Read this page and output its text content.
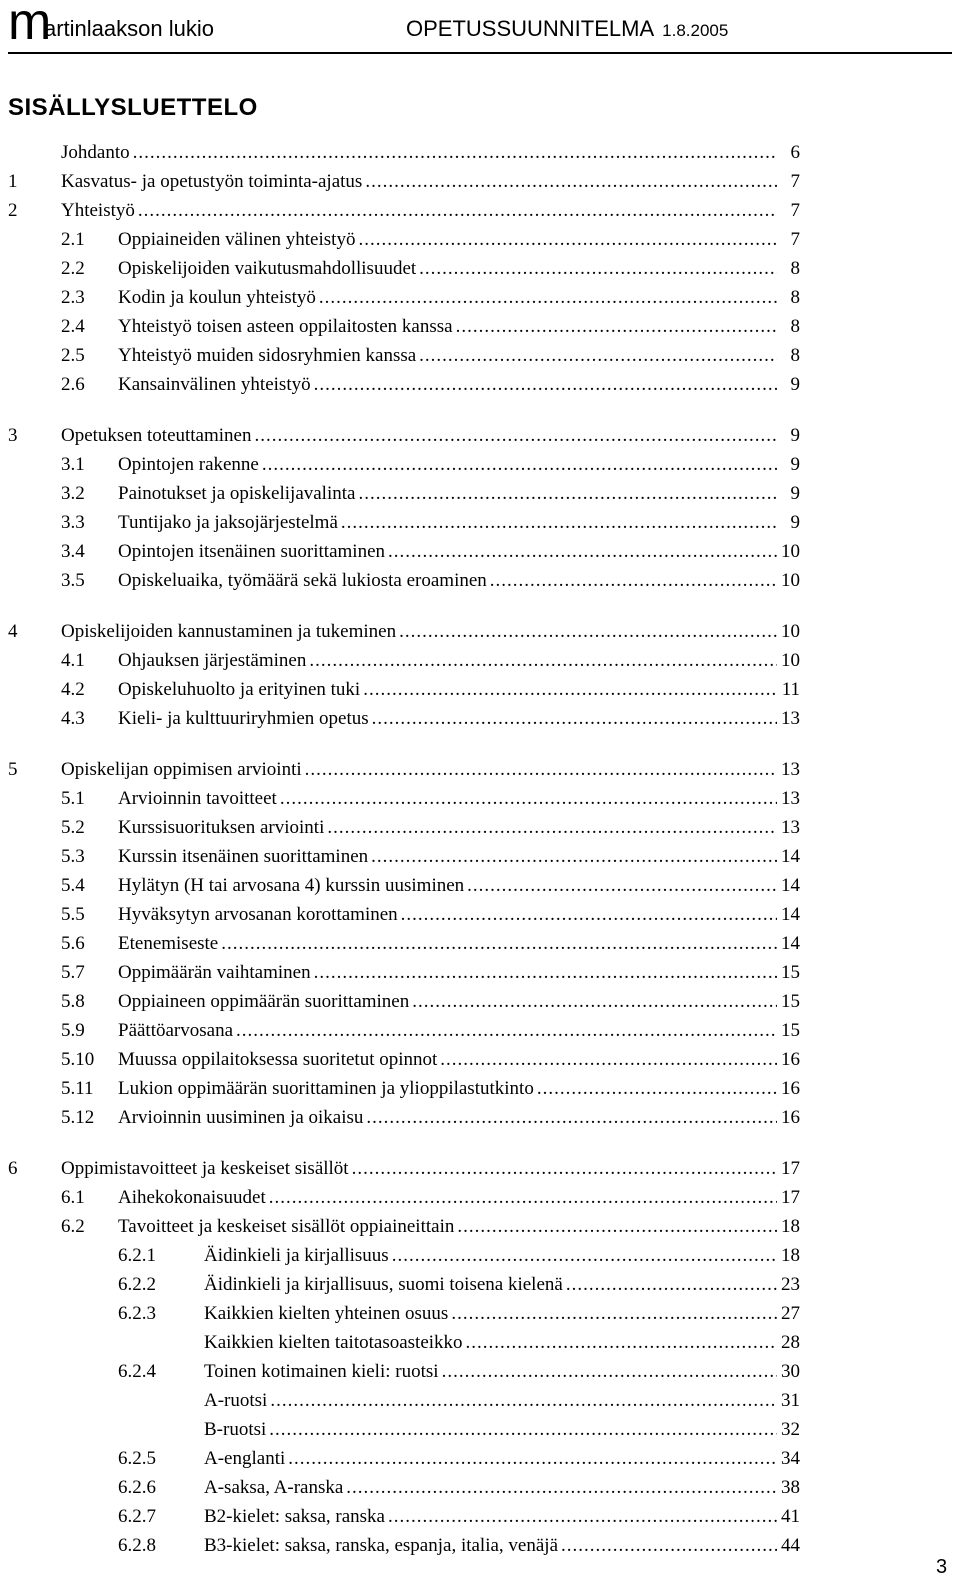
m
artinlaakson lukio	OPETUSSUUNNITELMA 1.8.2005
SISÄLLYSLUETTELO
Johdanto .....	6
1 Kasvatus- ja opetustyön toiminta-ajatus .....	7
2 Yhteistyö .....	7
2.1 Oppiaineiden välinen yhteistyö .....	7
2.2 Opiskelijoiden vaikutusmahdollisuudet .....	8
2.3 Kodin ja koulun yhteistyö .....	8
2.4 Yhteistyö toisen asteen oppilaitosten kanssa .....	8
2.5 Yhteistyö muiden sidosryhmien kanssa .....	8
2.6 Kansainvälinen yhteistyö .....	9
3 Opetuksen toteuttaminen .....	9
3.1 Opintojen rakenne .....	9
3.2 Painotukset ja opiskelijavalinta .....	9
3.3 Tuntijako ja jaksojärjestelmä .....	9
3.4 Opintojen itsenäinen suorittaminen .....	10
3.5 Opiskeluaika, työmäärä sekä lukiosta eroaminen .....	10
4 Opiskelijoiden kannustaminen ja tukeminen .....	10
4.1 Ohjauksen järjestäminen .....	10
4.2 Opiskeluhuolto ja erityinen tuki .....	11
4.3 Kieli- ja kulttuuriryhmien opetus .....	13
5 Opiskelijan oppimisen arviointi .....	13
5.1 Arvioinnin tavoitteet .....	13
5.2 Kurssisuorituksen arviointi .....	13
5.3 Kurssin itsenäinen suorittaminen .....	14
5.4 Hylätyn (H tai arvosana 4) kurssin uusiminen .....	14
5.5 Hyväksytyn arvosanan korottaminen .....	14
5.6 Etenemiseste .....	14
5.7 Oppimäärän vaihtaminen .....	15
5.8 Oppiaineen oppimäärän suorittaminen .....	15
5.9 Päättöarvosana .....	15
5.10 Muussa oppilaitoksessa suoritetut opinnot .....	16
5.11 Lukion oppimäärän suorittaminen ja ylioppilastutkinto .....	16
5.12 Arvioinnin uusiminen ja oikaisu .....	16
6 Oppimistavoitteet ja keskeiset sisällöt .....	17
6.1 Aihekokonaisuudet .....	17
6.2 Tavoitteet ja keskeiset sisällöt oppiaineittain .....	18
6.2.1	Äidinkieli ja kirjallisuus .....	18
6.2.2	Äidinkieli ja kirjallisuus, suomi toisena kielenä .....	23
6.2.3	Kaikkien kielten yhteinen osuus .....	27
Kaikkien kielten taitotasoasteikko .....	28
6.2.4	Toinen kotimainen kieli: ruotsi .....	30
A-ruotsi .....	31
B-ruotsi .....	32
6.2.5	A-englanti .....	34
6.2.6	A-saksa, A-ranska .....	38
6.2.7	B2-kielet: saksa, ranska .....	41
6.2.8	B3-kielet: saksa, ranska, espanja, italia, venäjä .....	44
3
